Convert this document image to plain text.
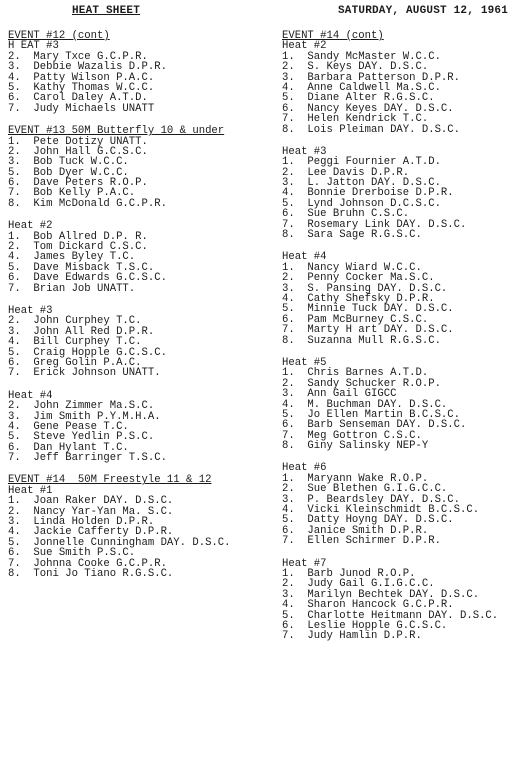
HEAT SHEET	SATURDAY, AUGUST 12, 1961
EVENT #12 (cont)
H EAT #3
2.  Mary Txce G.C.P.R.
3.  Debbie Wazalis D.P.R.
4.  Patty Wilson P.A.C.
5.  Kathy Thomas W.C.C.
6.  Carol Daley A.T.D.
7.  Judy Michaels UNATT
EVENT #13 50M Butterfly 10 & under
1.  Pete Dotizy UNATT.
2.  John Hall G.C.S.C.
3.  Bob Tuck W.C.C.
5.  Bob Dyer W.C.C.
6.  Dave Peters R.O.P.
7.  Bob Kelly P.A.C.
8.  Kim McDonald G.C.P.R.
Heat #2
1.  Bob Allred D.P. R.
2.  Tom Dickard C.S.C.
4.  James Byley T.C.
5.  Dave Misback T.S.C.
6.  Dave Edwards G.C.S.C.
7.  Brian Job UNATT.
Heat #3
2.  John Curphey T.C.
3.  John All Red D.P.R.
4.  Bill Curphey T.C.
5.  Craig Hopple G.C.S.C.
6.  Greg Golin P.A.C.
7.  Erick Johnson UNATT.
Heat #4
2.  John Zimmer Ma.S.C.
3.  Jim Smith P.Y.M.H.A.
4.  Gene Pease T.C.
5.  Steve Yedlin P.S.C.
6.  Dan Hylant T.C.
7.  Jeff Barringer T.S.C.
EVENT #14  50M Freestyle 11 & 12
Heat #1
1.  Joan Raker DAY. D.S.C.
2.  Nancy Yar-Yan Ma. S.C.
3.  Linda Holden D.P.R.
4.  Jackie Cafferty D.P.R.
5.  Jonnelle Cunningham DAY. D.S.C.
6.  Sue Smith P.S.C.
7.  Johnna Cooke G.C.P.R.
8.  Toni Jo Tiano R.G.S.C.
EVENT #14 (cont)
Heat #2
1.  Sandy McMaster W.C.C.
2.  S. Keys DAY. D.S.C.
3.  Barbara Patterson D.P.R.
4.  Anne Caldwell Ma.S.C.
5.  Diane Alter R.G.S.C.
6.  Nancy Keyes DAY. D.S.C.
7.  Helen Kendrick T.C.
8.  Lois Pleiman DAY. D.S.C.
Heat #3
1.  Peggi Fournier A.T.D.
2.  Lee Davis D.P.R.
3.  L. Jatton DAY. D.S.C.
4.  Bonnie Drerboise D.P.R.
5.  Lynd Johnson D.C.S.C.
6.  Sue Bruhn C.S.C.
7.  Rosemary Link DAY. D.S.C.
8.  Sara Sage R.G.S.C.
Heat #4
1.  Nancy Wiard W.C.C.
2.  Penny Cocker Ma.S.C.
3.  S. Pansing DAY. D.S.C.
4.  Cathy Shefsky D.P.R.
5.  Minnie Tuck DAY. D.S.C.
6.  Pam McBurney C.S.C.
7.  Marty H art DAY. D.S.C.
8.  Suzanna Mull R.G.S.C.
Heat #5
1.  Chris Barnes A.T.D.
2.  Sandy Schucker R.O.P.
3.  Ann Gail GIGCC
4.  M. Buchman DAY. D.S.C.
5.  Jo Ellen Martin B.C.S.C.
6.  Barb Senseman DAY. D.S.C.
7.  Meg Gottron C.S.C.
8.  Giny Salinsky NEP-Y
Heat #6
1.  Maryann Wake R.O.P.
2.  Sue Blethen G.I.G.C.C.
3.  P. Beardsley DAY. D.S.C.
4.  Vicki Kleinschmidt B.C.S.C.
5.  Datty Hoyng DAY. D.S.C.
6.  Janice Smith D.P.R.
7.  Ellen Schirmer D.P.R.
Heat #7
1.  Barb Junod R.O.P.
2.  Judy Gail G.I.G.C.C.
3.  Marilyn Bechtek DAY. D.S.C.
4.  Sharon Hancock G.C.P.R.
5.  Charlotte Heitmann DAY. D.S.C.
6.  Leslie Hopple G.C.S.C.
7.  Judy Hamlin D.P.R.
